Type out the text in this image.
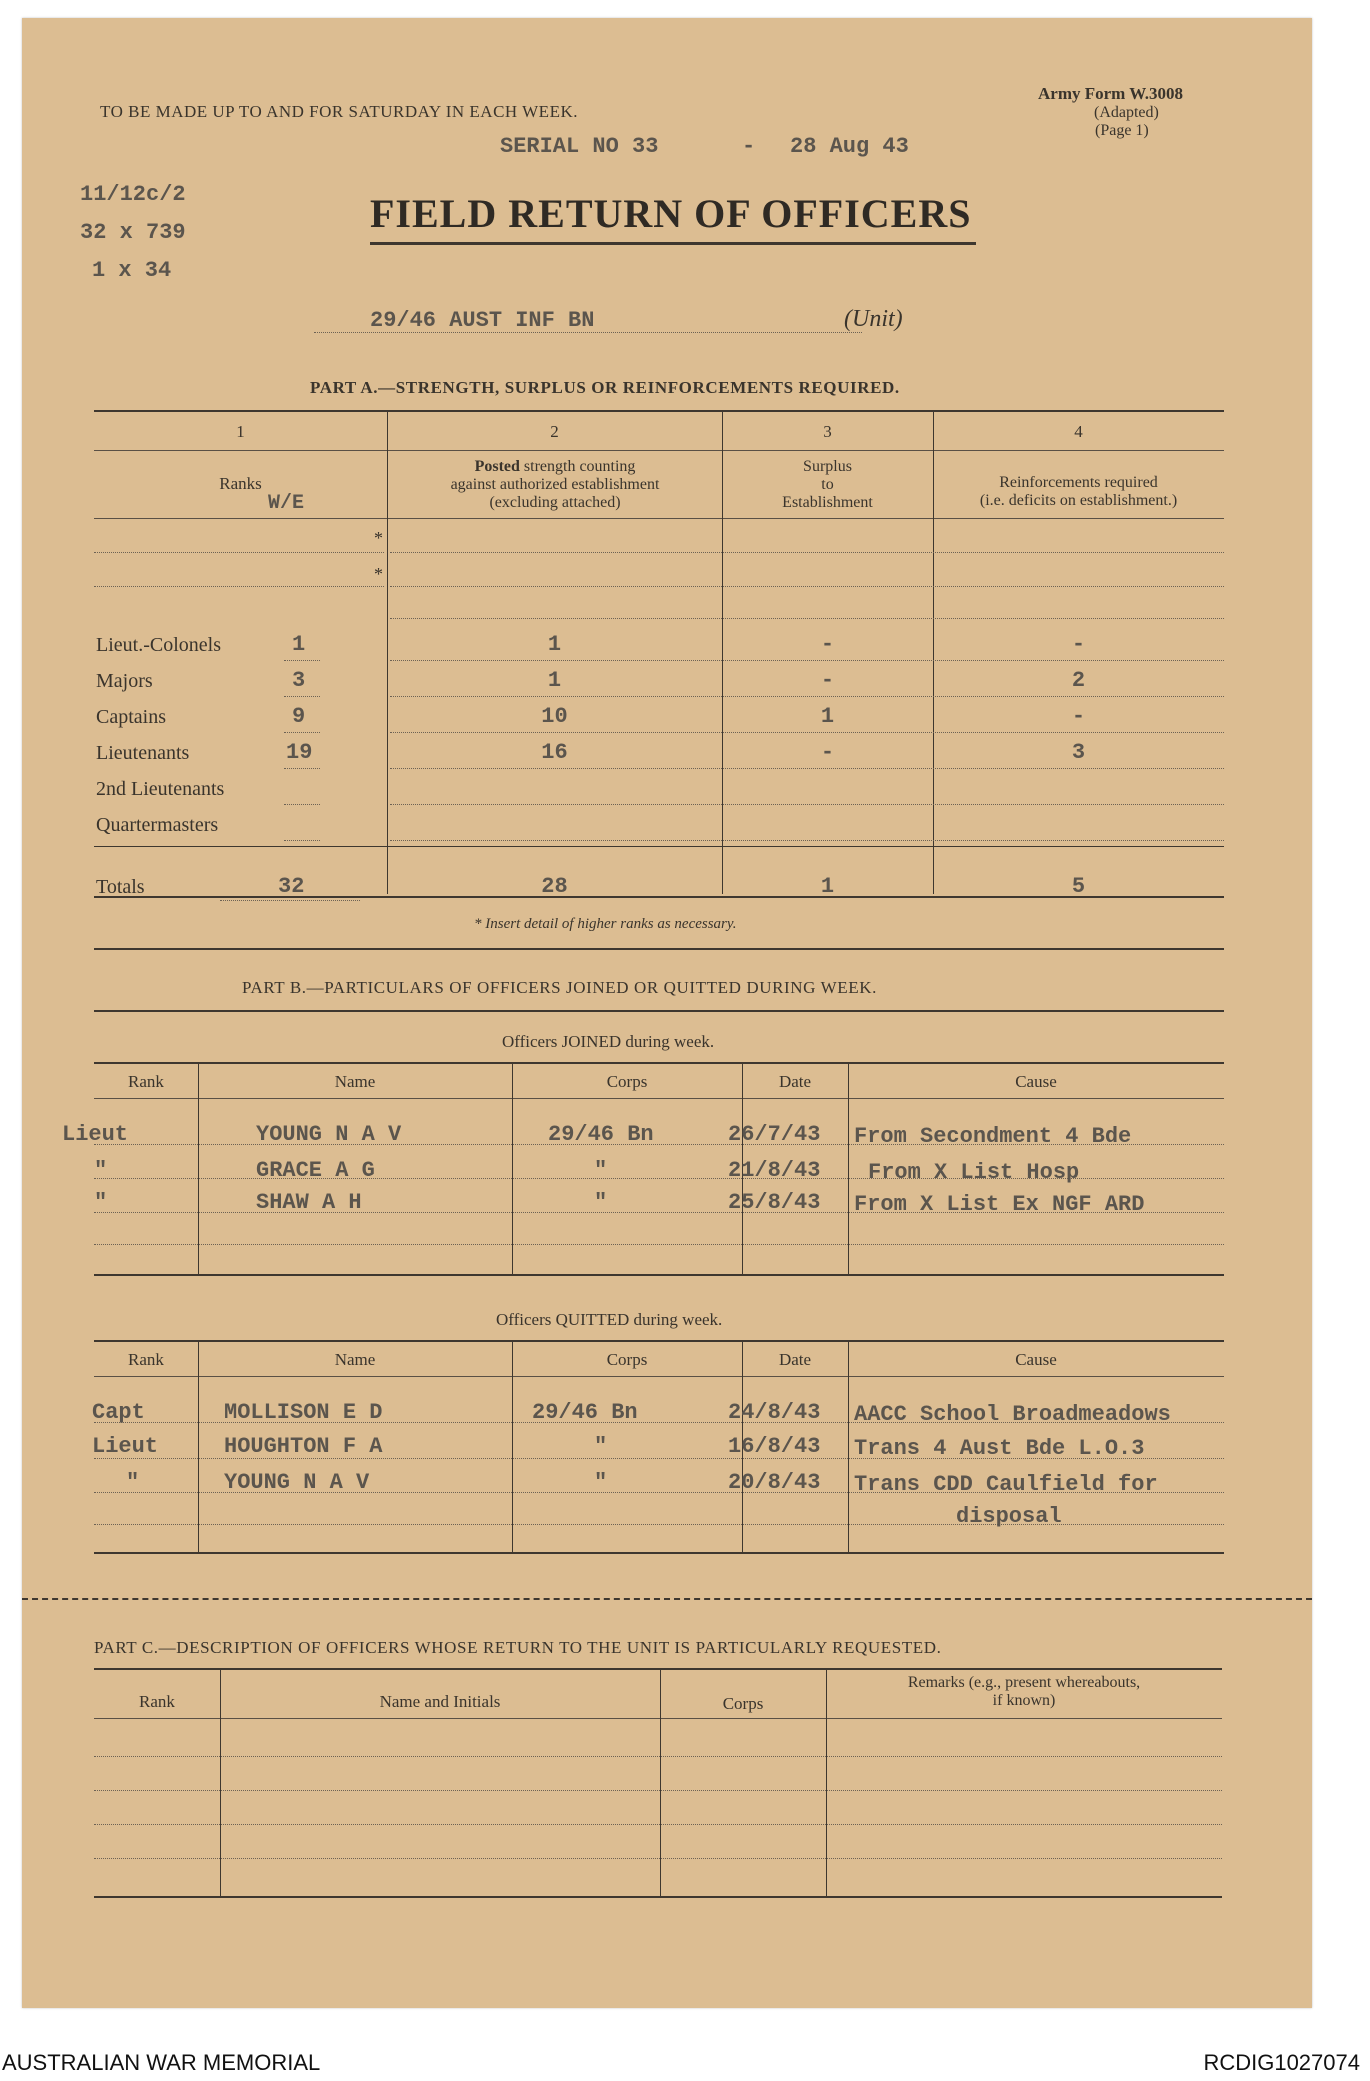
TO BE MADE UP TO AND FOR SATURDAY IN EACH WEEK.
Army Form W.3008
(Adapted)
(Page 1)
SERIAL NO 33	- 28 Aug 43
11/12c/2
32 x 739
1 x 34
FIELD RETURN OF OFFICERS
29/46 AUST INF BN	(Unit)
PART A.—STRENGTH, SURPLUS OR REINFORCEMENTS REQUIRED.
1	2	3	4
Ranks
W/E
Posted strength counting
against authorized establishment
(excluding attached)
Surplus
to
Establishment
Reinforcements required
(i.e. deficits on establishment.)
*
*
Lieut.-Colonels	1	1	-	-
Majors	3	1	-	2
Captains	9	10	1	-
Lieutenants	19	16	-	3
2nd Lieutenants
Quartermasters
Totals	32	28	1	5
* Insert detail of higher ranks as necessary.
PART B.—PARTICULARS OF OFFICERS JOINED OR QUITTED DURING WEEK.
Officers JOINED during week.
Rank	Name	Corps	Date	Cause
Lieut	YOUNG N A V	29/46 Bn	26/7/43 From Secondment 4 Bde
"	GRACE A G	"	21/8/43 From X List Hosp
"	SHAW A H	"	25/8/43 From X List Ex NGF ARD
Officers QUITTED during week.
Rank	Name	Corps	Date	Cause
Capt	MOLLISON E D	29/46 Bn	24/8/43 AACC School Broadmeadows
Lieut	HOUGHTON F A	"	16/8/43 Trans 4 Aust Bde L.O.3
"	YOUNG N A V	"	20/8/43 Trans CDD Caulfield for
disposal
PART C.—DESCRIPTION OF OFFICERS WHOSE RETURN TO THE UNIT IS PARTICULARLY REQUESTED.
Rank	Name and Initials	Corps
Remarks (e.g., present whereabouts,
if known)
AUSTRALIAN WAR MEMORIAL	RCDIG1027074
